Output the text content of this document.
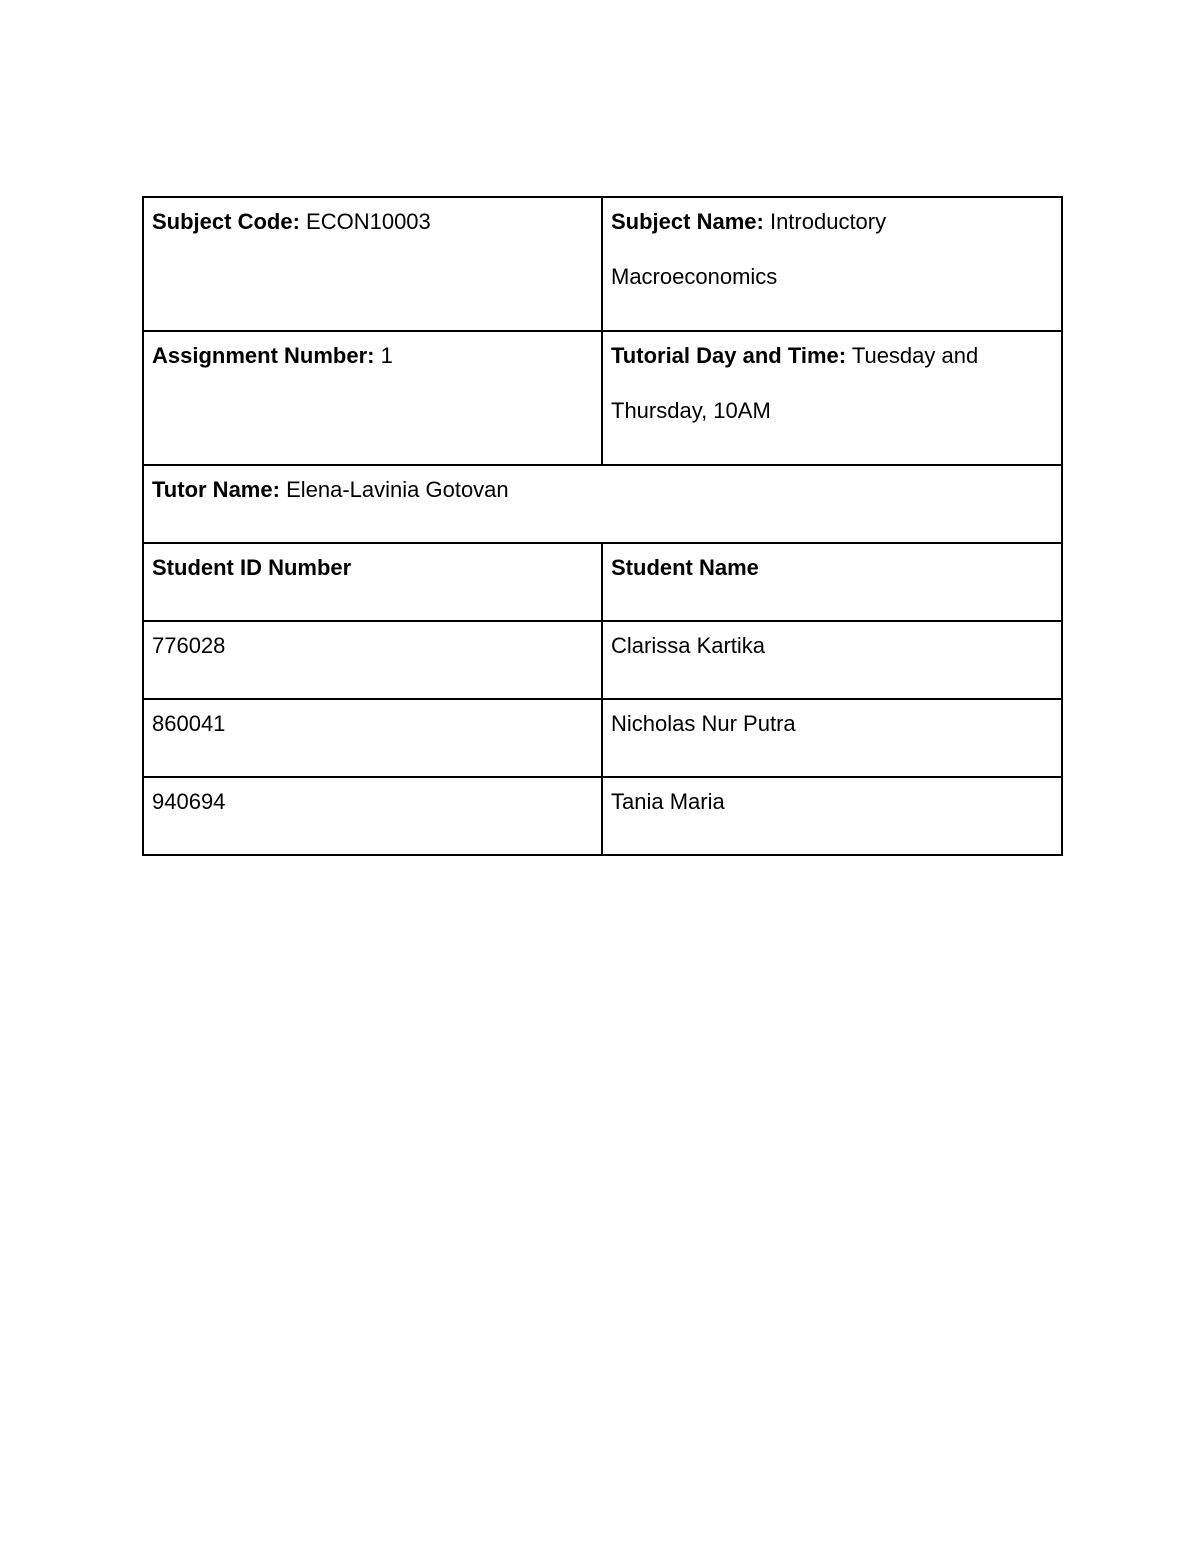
Subject Code: ECON10003	Subject Name: Introductory Macroeconomics

Assignment Number: 1	Tutorial Day and Time: Tuesday and Thursday, 10AM

Tutor Name: Elena-Lavinia Gotovan	

Student ID Number	Student Name

776028	Clarissa Kartika

860041	Nicholas Nur Putra

940694	Tania Maria
